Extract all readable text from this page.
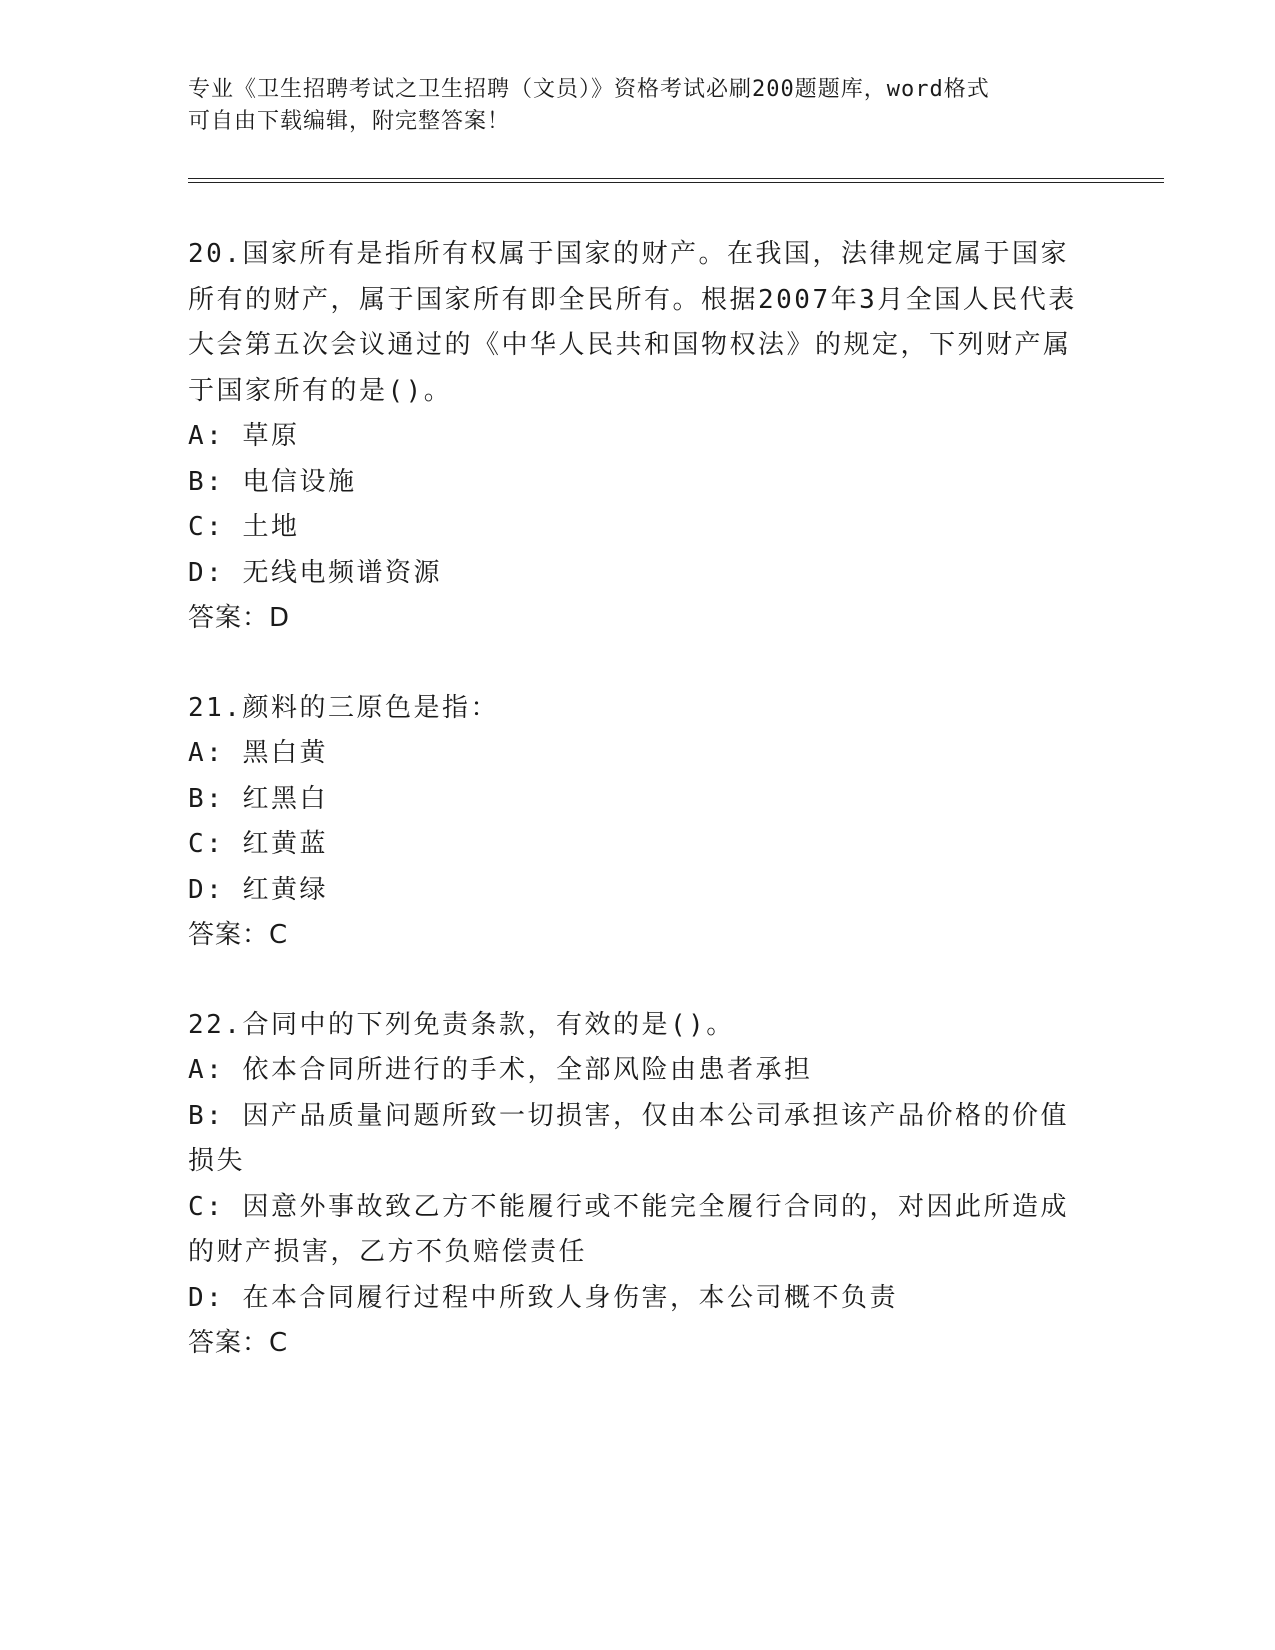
专业《卫生招聘考试之卫生招聘（文员）》资格考试必刷200题题库，word格式
可自由下载编辑，附完整答案！
20.国家所有是指所有权属于国家的财产。在我国，法律规定属于国家所有的财产，属于国家所有即全民所有。根据2007年3月全国人民代表大会第五次会议通过的《中华人民共和国物权法》的规定，下列财产属于国家所有的是()。
A: 草原
B: 电信设施
C: 土地
D: 无线电频谱资源
答案：D
21.颜料的三原色是指：
A: 黑白黄
B: 红黑白
C: 红黄蓝
D: 红黄绿
答案：C
22.合同中的下列免责条款，有效的是()。
A: 依本合同所进行的手术，全部风险由患者承担
B: 因产品质量问题所致一切损害，仅由本公司承担该产品价格的价值损失
C: 因意外事故致乙方不能履行或不能完全履行合同的，对因此所造成的财产损害，乙方不负赔偿责任
D: 在本合同履行过程中所致人身伤害，本公司概不负责
答案：C
